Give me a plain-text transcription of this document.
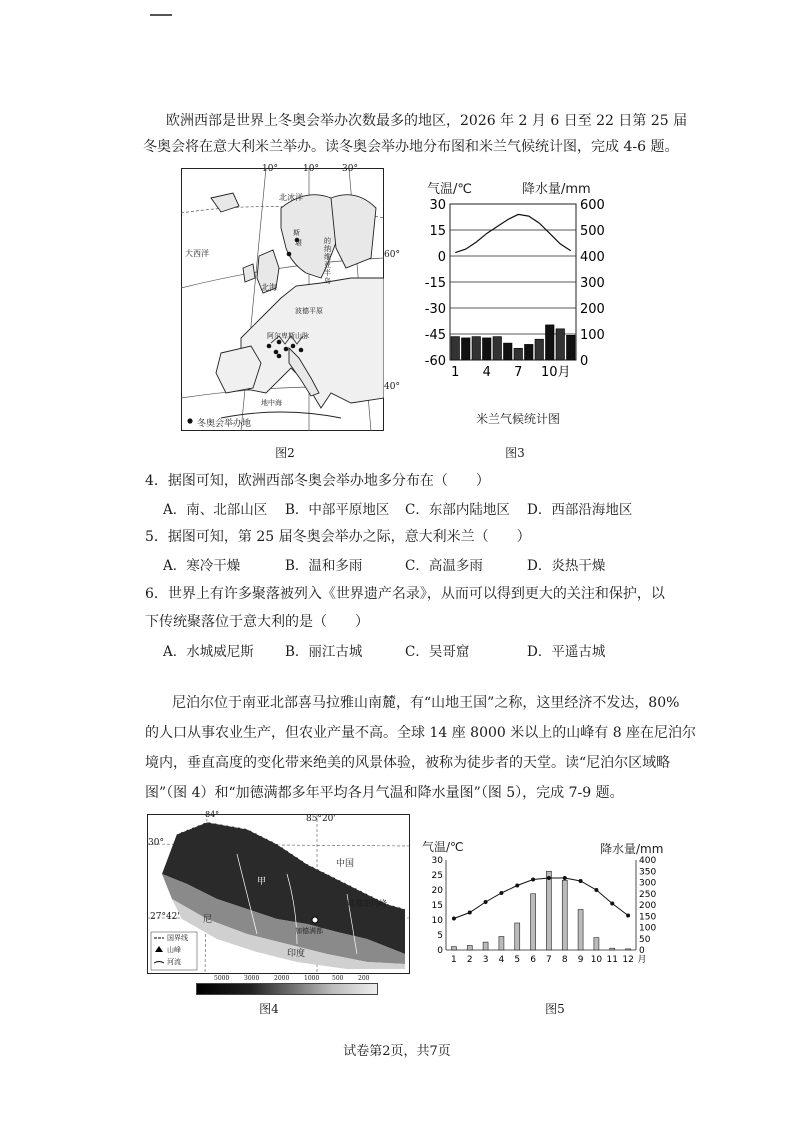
欧洲西部是世界上冬奥会举办次数最多的地区，2026 年 2 月 6 日至 22 日第 25 届
冬奥会将在意大利米兰举办。读冬奥会举办地分布图和米兰气候统计图，完成 4-6 题。
北冰洋
大西洋
北海
斯
堪	的
纳
维
亚
半
岛
波德平原
阿尔卑斯山脉
地中海
冬奥会举办地
10°	10°	30°
60°
40°
图2
气温/℃	降水量/mm
30
15
0
-15
-30
-45
-60
600
500
400
300
200
100
0
1 4 7 10月
米兰气候统计图
图3
4．据图可知，欧洲西部冬奥会举办地多分布在（　　）
A．南、北部山区 B．中部平原地区 C．东部内陆地区 D．西部沿海地区
5．据图可知，第 25 届冬奥会举办之际，意大利米兰（　　）
A．寒冷干燥	B．温和多雨	C．高温多雨	D．炎热干燥
6．世界上有许多聚落被列入《世界遗产名录》，从而可以得到更大的关注和保护，以
下传统聚落位于意大利的是（　　）
A．水城威尼斯 B．丽江古城	C．吴哥窟	D．平遥古城
尼泊尔位于南亚北部喜马拉雅山南麓，有“山地王国”之称，这里经济不发达，80%
的人口从事农业生产，但农业产量不高。全球 14 座 8000 米以上的山峰有 8 座在尼泊尔
境内，垂直高度的变化带来绝美的风景体验，被称为徒步者的天堂。读“尼泊尔区域略
图”（图 4）和“加德满都多年平均各月气温和降水量图”（图 5），完成 7-9 题。
中国
甲
珠穆朗玛峰
尼
加德满都
印度
国界线
山峰
河流
84°	85°20'
30°
27°42'
5000 3000 2000 1000 500 200
图4
气温/℃	降水量/mm
30
25
20
15
10
5
0
400
350
300
250
200
150
100
50
0
1 2 3 4 5 6 7 8 9 10 11 12 月
图5
试卷第2页，共7页
